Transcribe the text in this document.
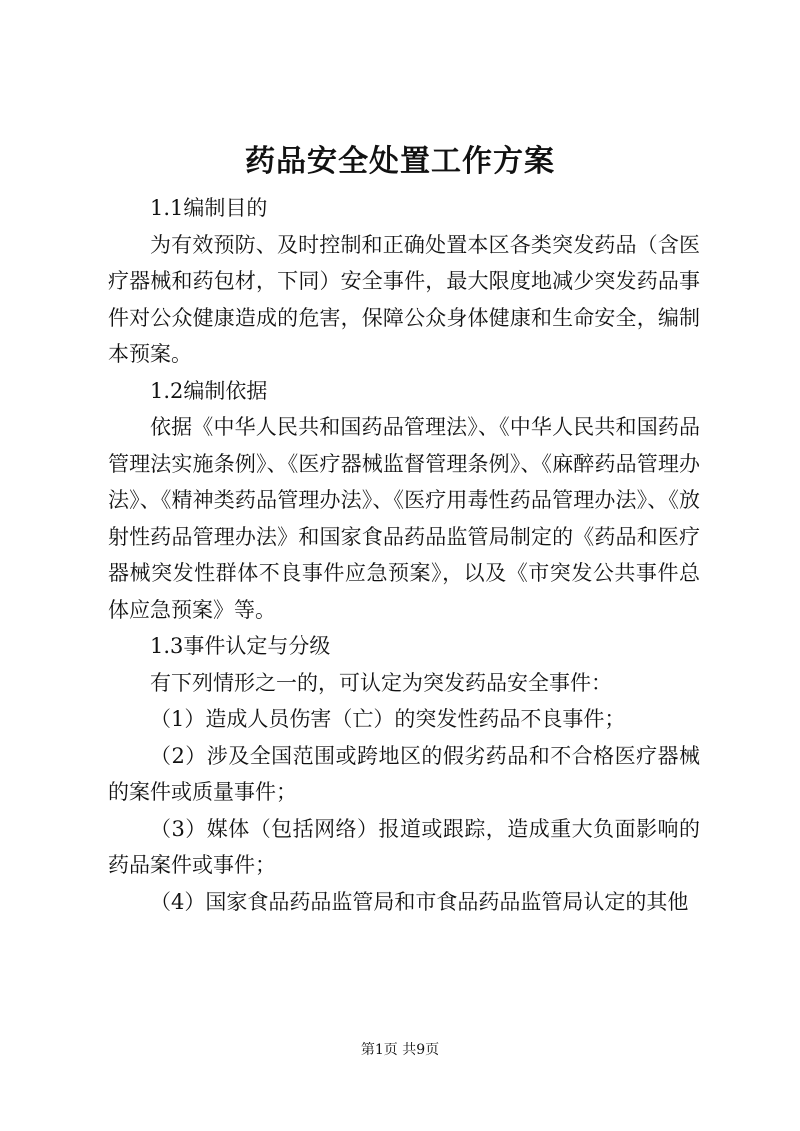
药品安全处置工作方案

1.1编制目的

为有效预防、及时控制和正确处置本区各类突发药品（含医疗器械和药包材，下同）安全事件，最大限度地减少突发药品事件对公众健康造成的危害，保障公众身体健康和生命安全，编制本预案。

1.2编制依据

依据《中华人民共和国药品管理法》、《中华人民共和国药品管理法实施条例》、《医疗器械监督管理条例》、《麻醉药品管理办法》、《精神类药品管理办法》、《医疗用毒性药品管理办法》、《放射性药品管理办法》和国家食品药品监管局制定的《药品和医疗器械突发性群体不良事件应急预案》，以及《市突发公共事件总体应急预案》等。

1.3事件认定与分级

有下列情形之一的，可认定为突发药品安全事件：

（1）造成人员伤害（亡）的突发性药品不良事件；

（2）涉及全国范围或跨地区的假劣药品和不合格医疗器械的案件或质量事件；

（3）媒体（包括网络）报道或跟踪，造成重大负面影响的药品案件或事件；

（4）国家食品药品监管局和市食品药品监管局认定的其他

第1页 共9页
